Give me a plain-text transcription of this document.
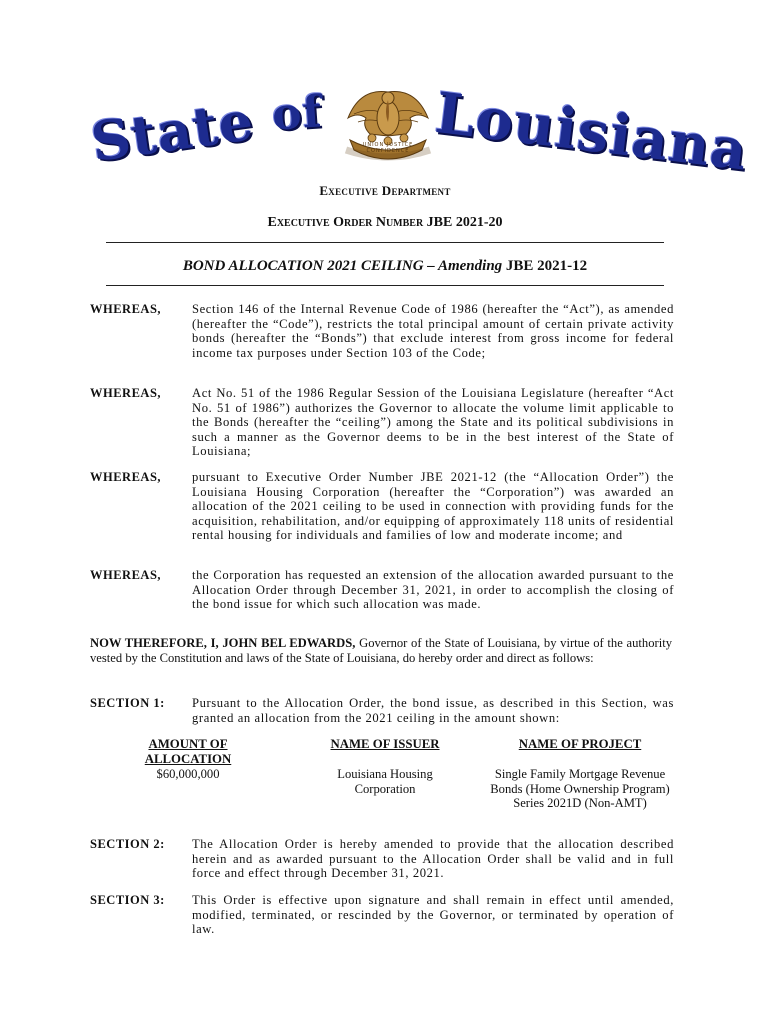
State of
UNION JUSTICE CONFIDENCE Louisiana
Executive Department
Executive Order Number JBE 2021-20
BOND ALLOCATION 2021 CEILING – Amending JBE 2021-12
WHEREAS, Section 146 of the Internal Revenue Code of 1986 (hereafter the “Act”), as amended (hereafter the “Code”), restricts the total principal amount of certain private activity bonds (hereafter the “Bonds”) that exclude interest from gross income for federal income tax purposes under Section 103 of the Code;
WHEREAS, Act No. 51 of the 1986 Regular Session of the Louisiana Legislature (hereafter “Act No. 51 of 1986”) authorizes the Governor to allocate the volume limit applicable to the Bonds (hereafter the “ceiling”) among the State and its political subdivisions in such a manner as the Governor deems to be in the best interest of the State of Louisiana;
WHEREAS, pursuant to Executive Order Number JBE 2021-12 (the “Allocation Order”) the Louisiana Housing Corporation (hereafter the “Corporation”) was awarded an allocation of the 2021 ceiling to be used in connection with providing funds for the acquisition, rehabilitation, and/or equipping of approximately 118 units of residential rental housing for individuals and families of low and moderate income; and
WHEREAS, the Corporation has requested an extension of the allocation awarded pursuant to the Allocation Order through December 31, 2021, in order to accomplish the closing of the bond issue for which such allocation was made.
NOW THEREFORE, I, JOHN BEL EDWARDS, Governor of the State of Louisiana, by virtue of the authority vested by the Constitution and laws of the State of Louisiana, do hereby order and direct as follows:
SECTION 1: Pursuant to the Allocation Order, the bond issue, as described in this Section, was granted an allocation from the 2021 ceiling in the amount shown:
AMOUNT OF ALLOCATION
NAME OF ISSUER	NAME OF PROJECT
$60,000,000	Louisiana Housing Corporation
Single Family Mortgage Revenue Bonds (Home Ownership Program) Series 2021D (Non-AMT)
SECTION 2: The Allocation Order is hereby amended to provide that the allocation described herein and as awarded pursuant to the Allocation Order shall be valid and in full force and effect through December 31, 2021.
SECTION 3: This Order is effective upon signature and shall remain in effect until amended, modified, terminated, or rescinded by the Governor, or terminated by operation of law.
